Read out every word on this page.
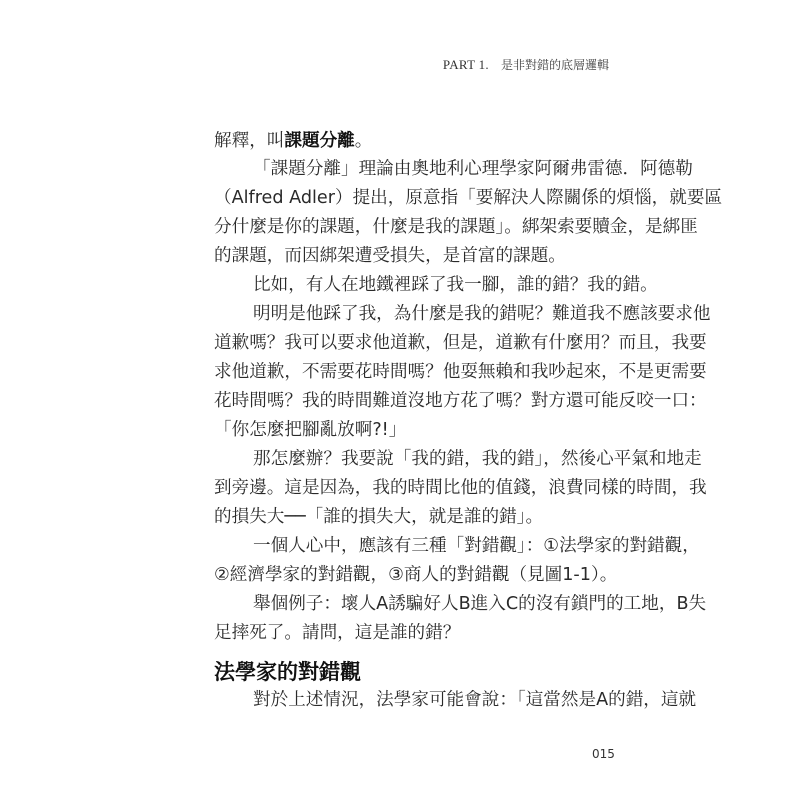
PART 1. 是非對錯的底層邏輯
解釋，叫課題分離。
「課題分離」理論由奧地利心理學家阿爾弗雷德．阿德勒
（Alfred Adler）提出，原意指「要解決人際關係的煩惱，就要區
分什麼是你的課題，什麼是我的課題」。綁架索要贖金，是綁匪
的課題，而因綁架遭受損失，是首富的課題。
比如，有人在地鐵裡踩了我一腳，誰的錯？我的錯。
明明是他踩了我，為什麼是我的錯呢？難道我不應該要求他
道歉嗎？我可以要求他道歉，但是，道歉有什麼用？而且，我要
求他道歉，不需要花時間嗎？他耍無賴和我吵起來，不是更需要
花時間嗎？我的時間難道沒地方花了嗎？對方還可能反咬一口：
「你怎麼把腳亂放啊?!」
那怎麼辦？我要說「我的錯，我的錯」，然後心平氣和地走
到旁邊。這是因為，我的時間比他的值錢，浪費同樣的時間，我
的損失大──「誰的損失大，就是誰的錯」。
一個人心中，應該有三種「對錯觀」：①法學家的對錯觀，
②經濟學家的對錯觀，③商人的對錯觀（見圖1-1）。
舉個例子：壞人A誘騙好人B進入C的沒有鎖門的工地，B失
足摔死了。請問，這是誰的錯？
法學家的對錯觀
對於上述情況，法學家可能會說：「這當然是A的錯，這就
015
